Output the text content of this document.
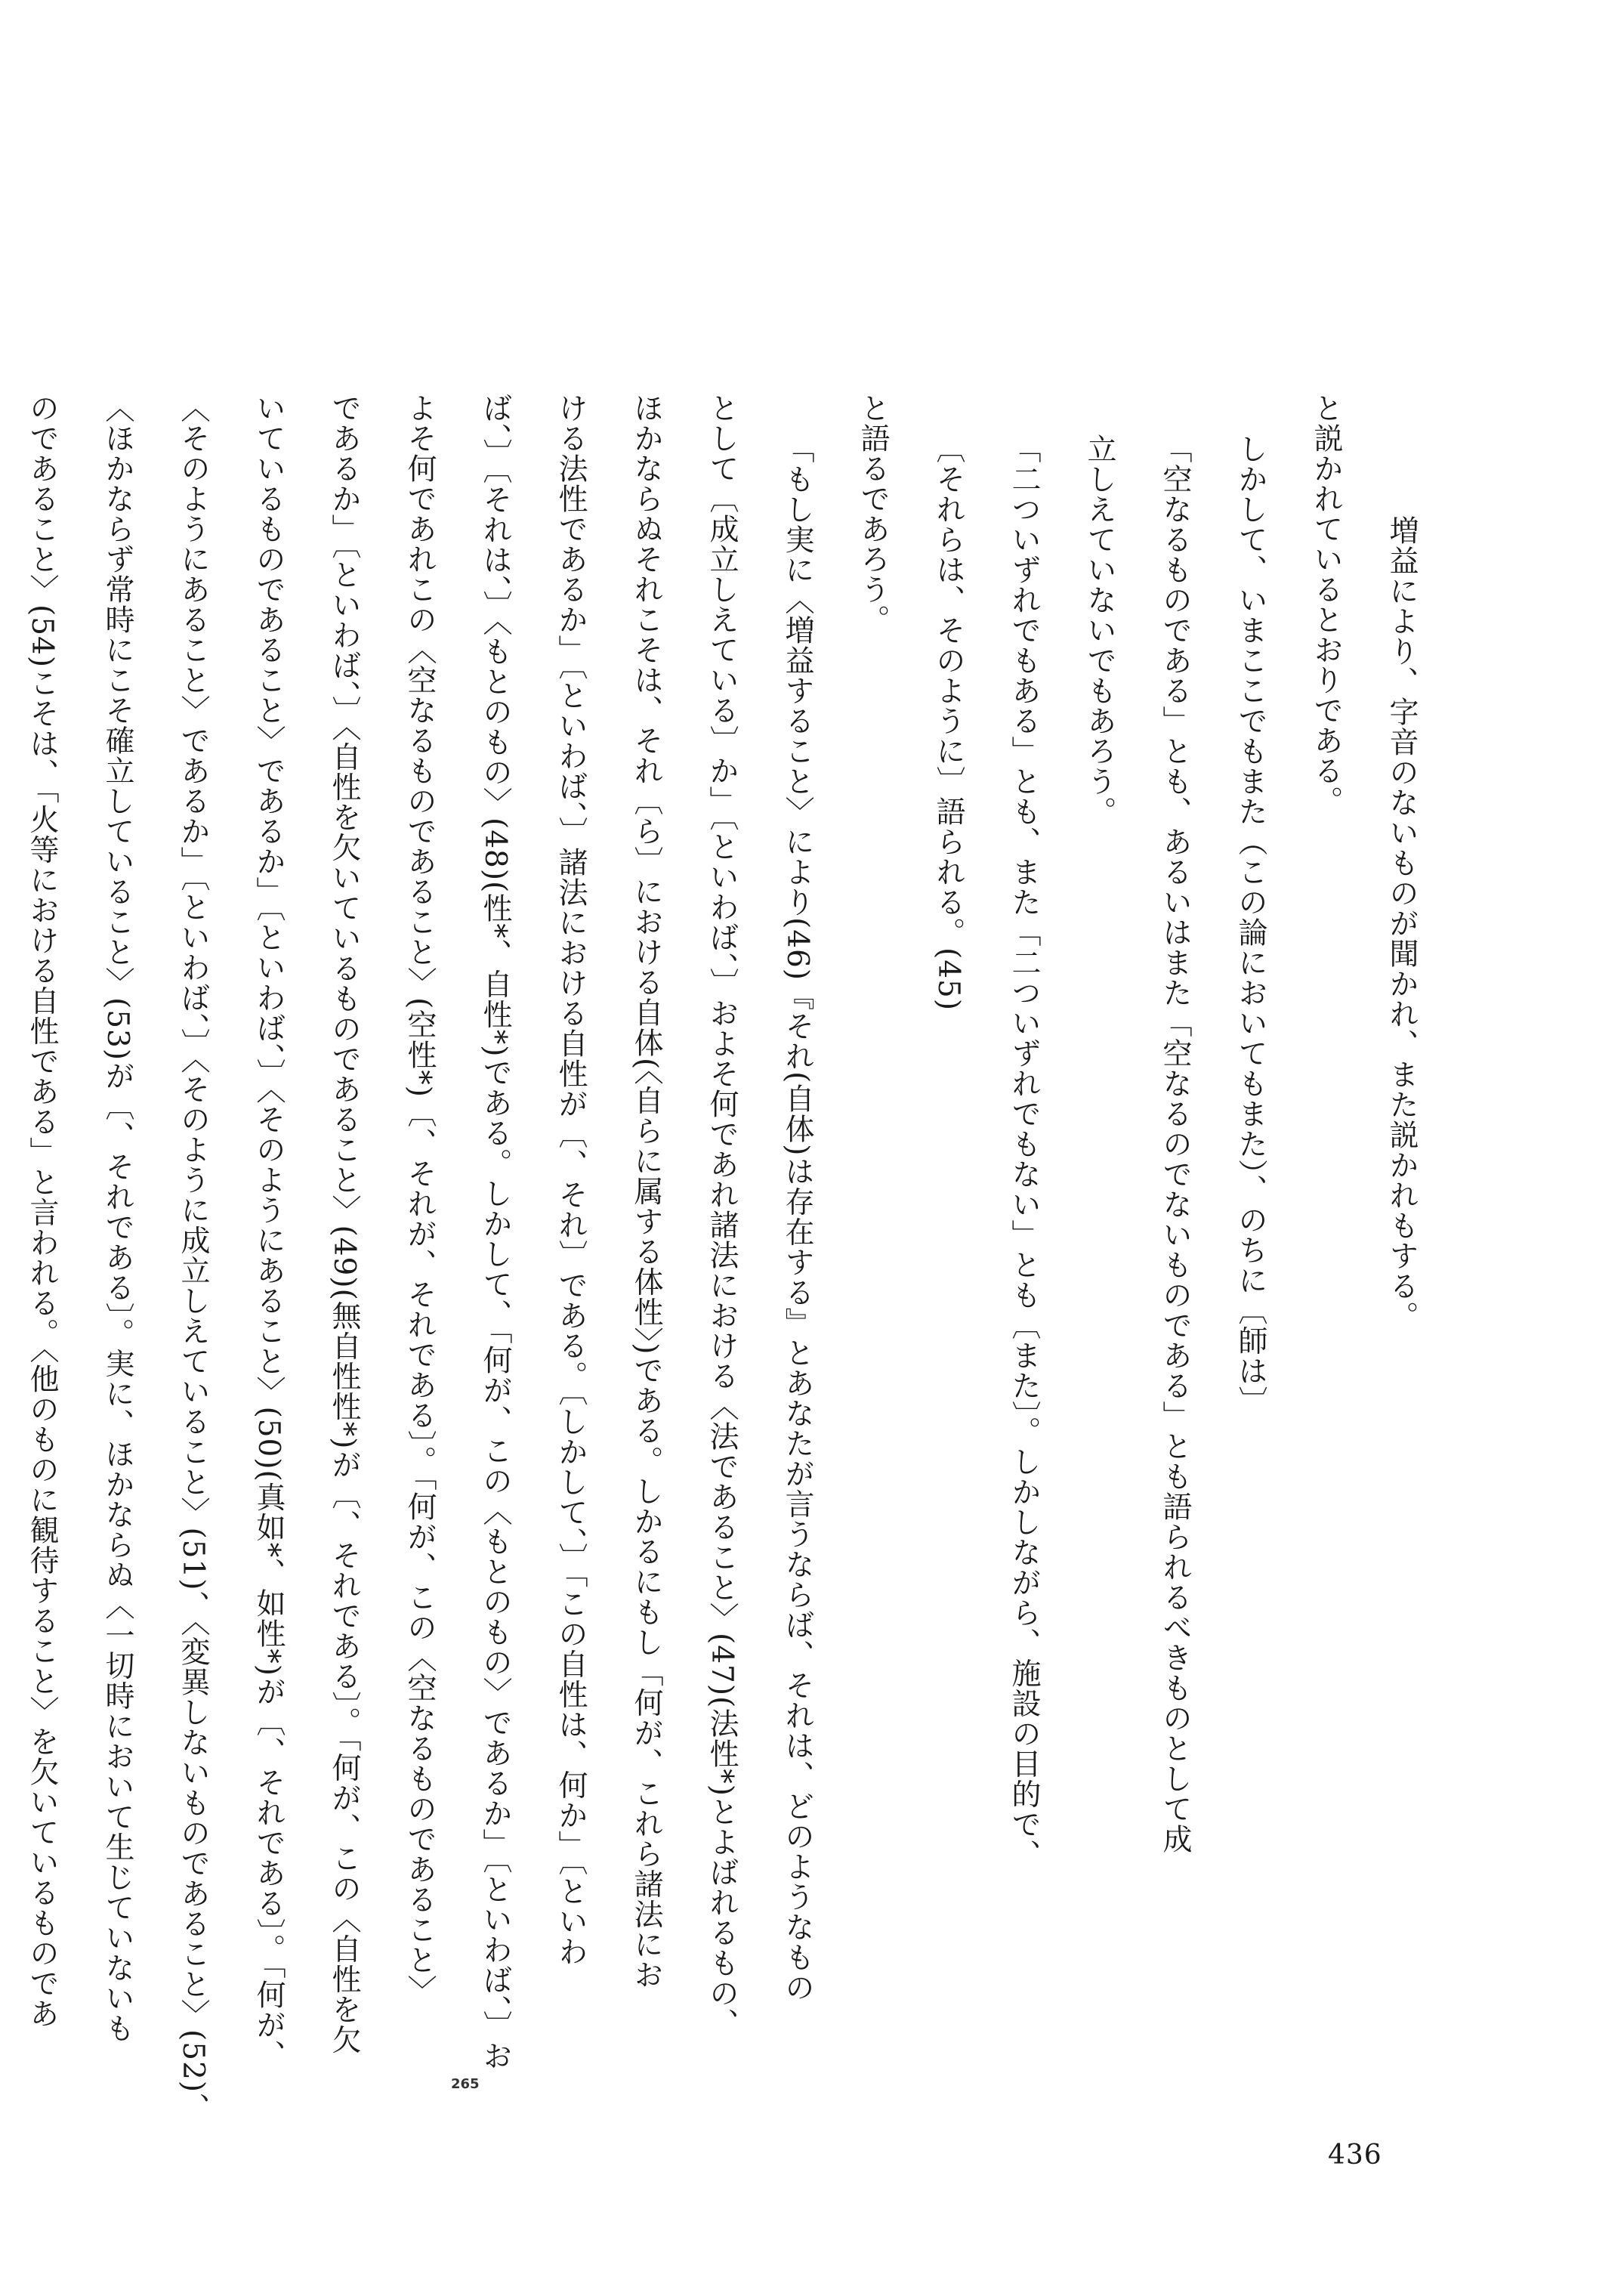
増益により、字音のないものが聞かれ、また説かれもする。
と説かれているとおりである。
しかして、いまここでもまた（この論においてもまた）、のちに〔師は〕
「空なるものである」とも、あるいはまた「空なるのでないものである」とも語られるべきものとして成
立しえていないでもあろう。
「二ついずれでもある」とも、また「二ついずれでもない」とも〔また〕。しかしながら、施設の目的で、
〔それらは、そのように〕語られる。(45)
と語るであろう。
「もし実に〈増益すること〉により(46)『それ(自体)は存在する』とあなたが言うならば、それは、どのようなもの
として〔成立しえている〕か」〔といわば、〕およそ何であれ諸法における〈法であること〉(47)(法性*)とよばれるもの、
ほかならぬそれこそは、それ〔ら〕における自体(〈自らに属する体性〉)である。しかるにもし「何が、これら諸法にお
ける法性であるか」〔といわば、〕諸法における自性が〔、それ〕である。〔しかして、〕「この自性は、何か」〔といわ
ば、〕〔それは、〕〈もとのもの〉(48)(性*、自性*)である。しかして、「何が、この〈もとのもの〉であるか」〔といわば、〕お
よそ何であれこの〈空なるものであること〉(空性*)〔、それが、それである〕。「何が、この〈空なるものであること〉
であるか」〔といわば、〕〈自性を欠いているものであること〉(49)(無自性性*)が〔、それである〕。「何が、この〈自性を欠
いているものであること〉であるか」〔といわば、〕〈そのようにあること〉(50)(真如*、如性*)が〔、それである〕。「何が、
〈そのようにあること〉であるか」〔といわば、〕〈そのように成立しえていること〉(51)、〈変異しないものであること〉(52)、
〈ほかならず常時にこそ確立していること〉(53)が〔、それである〕。実に、ほかならぬ〈一切時において生じていないも
のであること〉(54)こそは、「火等における自性である」と言われる。〈他のものに観待すること〉を欠いているものであ
265
436
